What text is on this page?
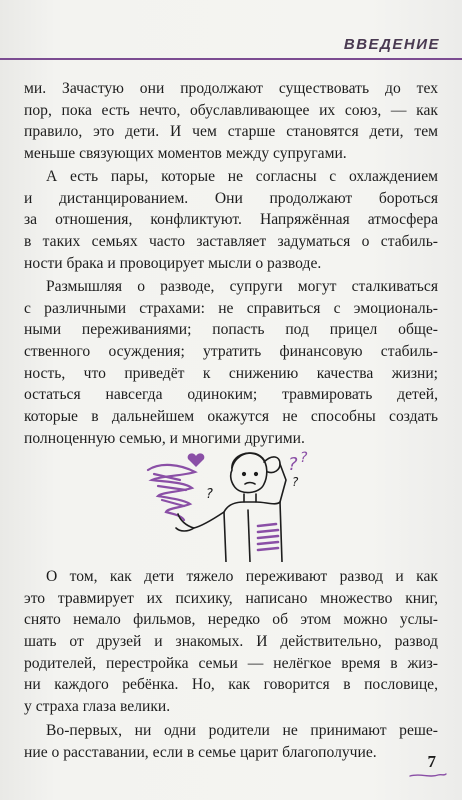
ВВЕДЕНИЕ
ми. Зачастую они продолжают существовать до тех
пор, пока есть нечто, обуславливающее их союз, — как
правило, это дети. И чем старше становятся дети, тем
меньше связующих моментов между супругами.
А есть пары, которые не согласны с охлаждением
и дистанцированием. Они продолжают бороться
за отношения, конфликтуют. Напряжённая атмосфера
в таких семьях часто заставляет задуматься о стабиль-
ности брака и провоцирует мысли о разводе.
Размышляя о разводе, супруги могут сталкиваться
с различными страхами: не справиться с эмоциональ-
ными переживаниями; попасть под прицел обще-
ственного осуждения; утратить финансовую стабиль-
ность, что приведёт к снижению качества жизни;
остаться навсегда одиноким; травмировать детей,
которые в дальнейшем окажутся не способны создать
полноценную семью, и многими другими.
? ?
?
?
О том, как дети тяжело переживают развод и как
это травмирует их психику, написано множество книг,
снято немало фильмов, нередко об этом можно услы-
шать от друзей и знакомых. И действительно, развод
родителей, перестройка семьи — нелёгкое время в жиз-
ни каждого ребёнка. Но, как говорится в пословице,
у страха глаза велики.
Во-первых, ни одни родители не принимают реше-
ние о расставании, если в семье царит благополучие.	7
